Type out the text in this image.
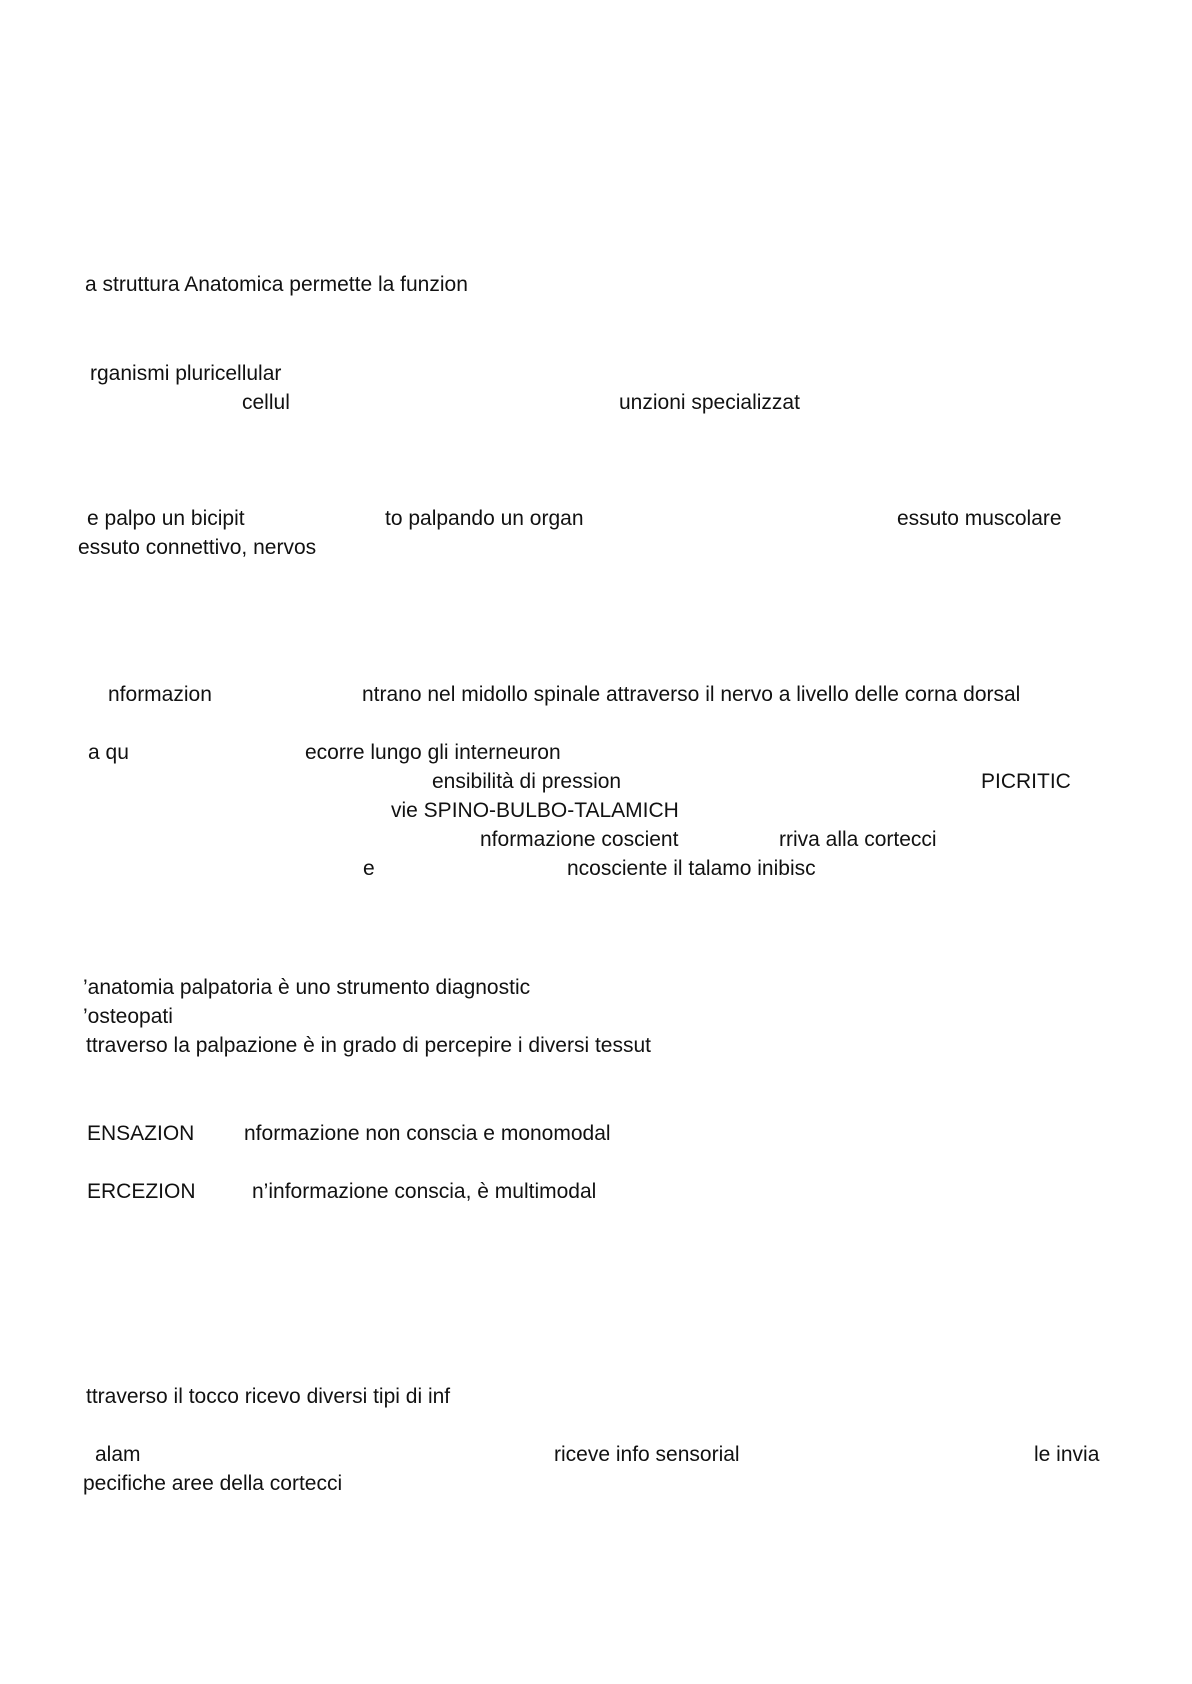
a struttura Anatomica permette la funzion
rganismi pluricellular
cellul	unzioni specializzat
e palpo un bicipit	to palpando un organ	essuto muscolare
essuto connettivo, nervos
nformazion	ntrano nel midollo spinale attraverso il nervo a livello delle corna dorsal
a qu	ecorre lungo gli interneuron
ensibilità di pression	PICRITIC
vie SPINO-BULBO-TALAMICH
nformazione coscient	rriva alla cortecci
e	ncosciente il talamo inibisc
’anatomia palpatoria è uno strumento diagnostic
’osteopati
ttraverso la palpazione è in grado di percepire i diversi tessut
ENSAZION nformazione non conscia e monomodal
ERCEZION	n’informazione conscia, è multimodal
ttraverso il tocco ricevo diversi tipi di inf
alam	riceve info sensorial	le invia
pecifiche aree della cortecci
